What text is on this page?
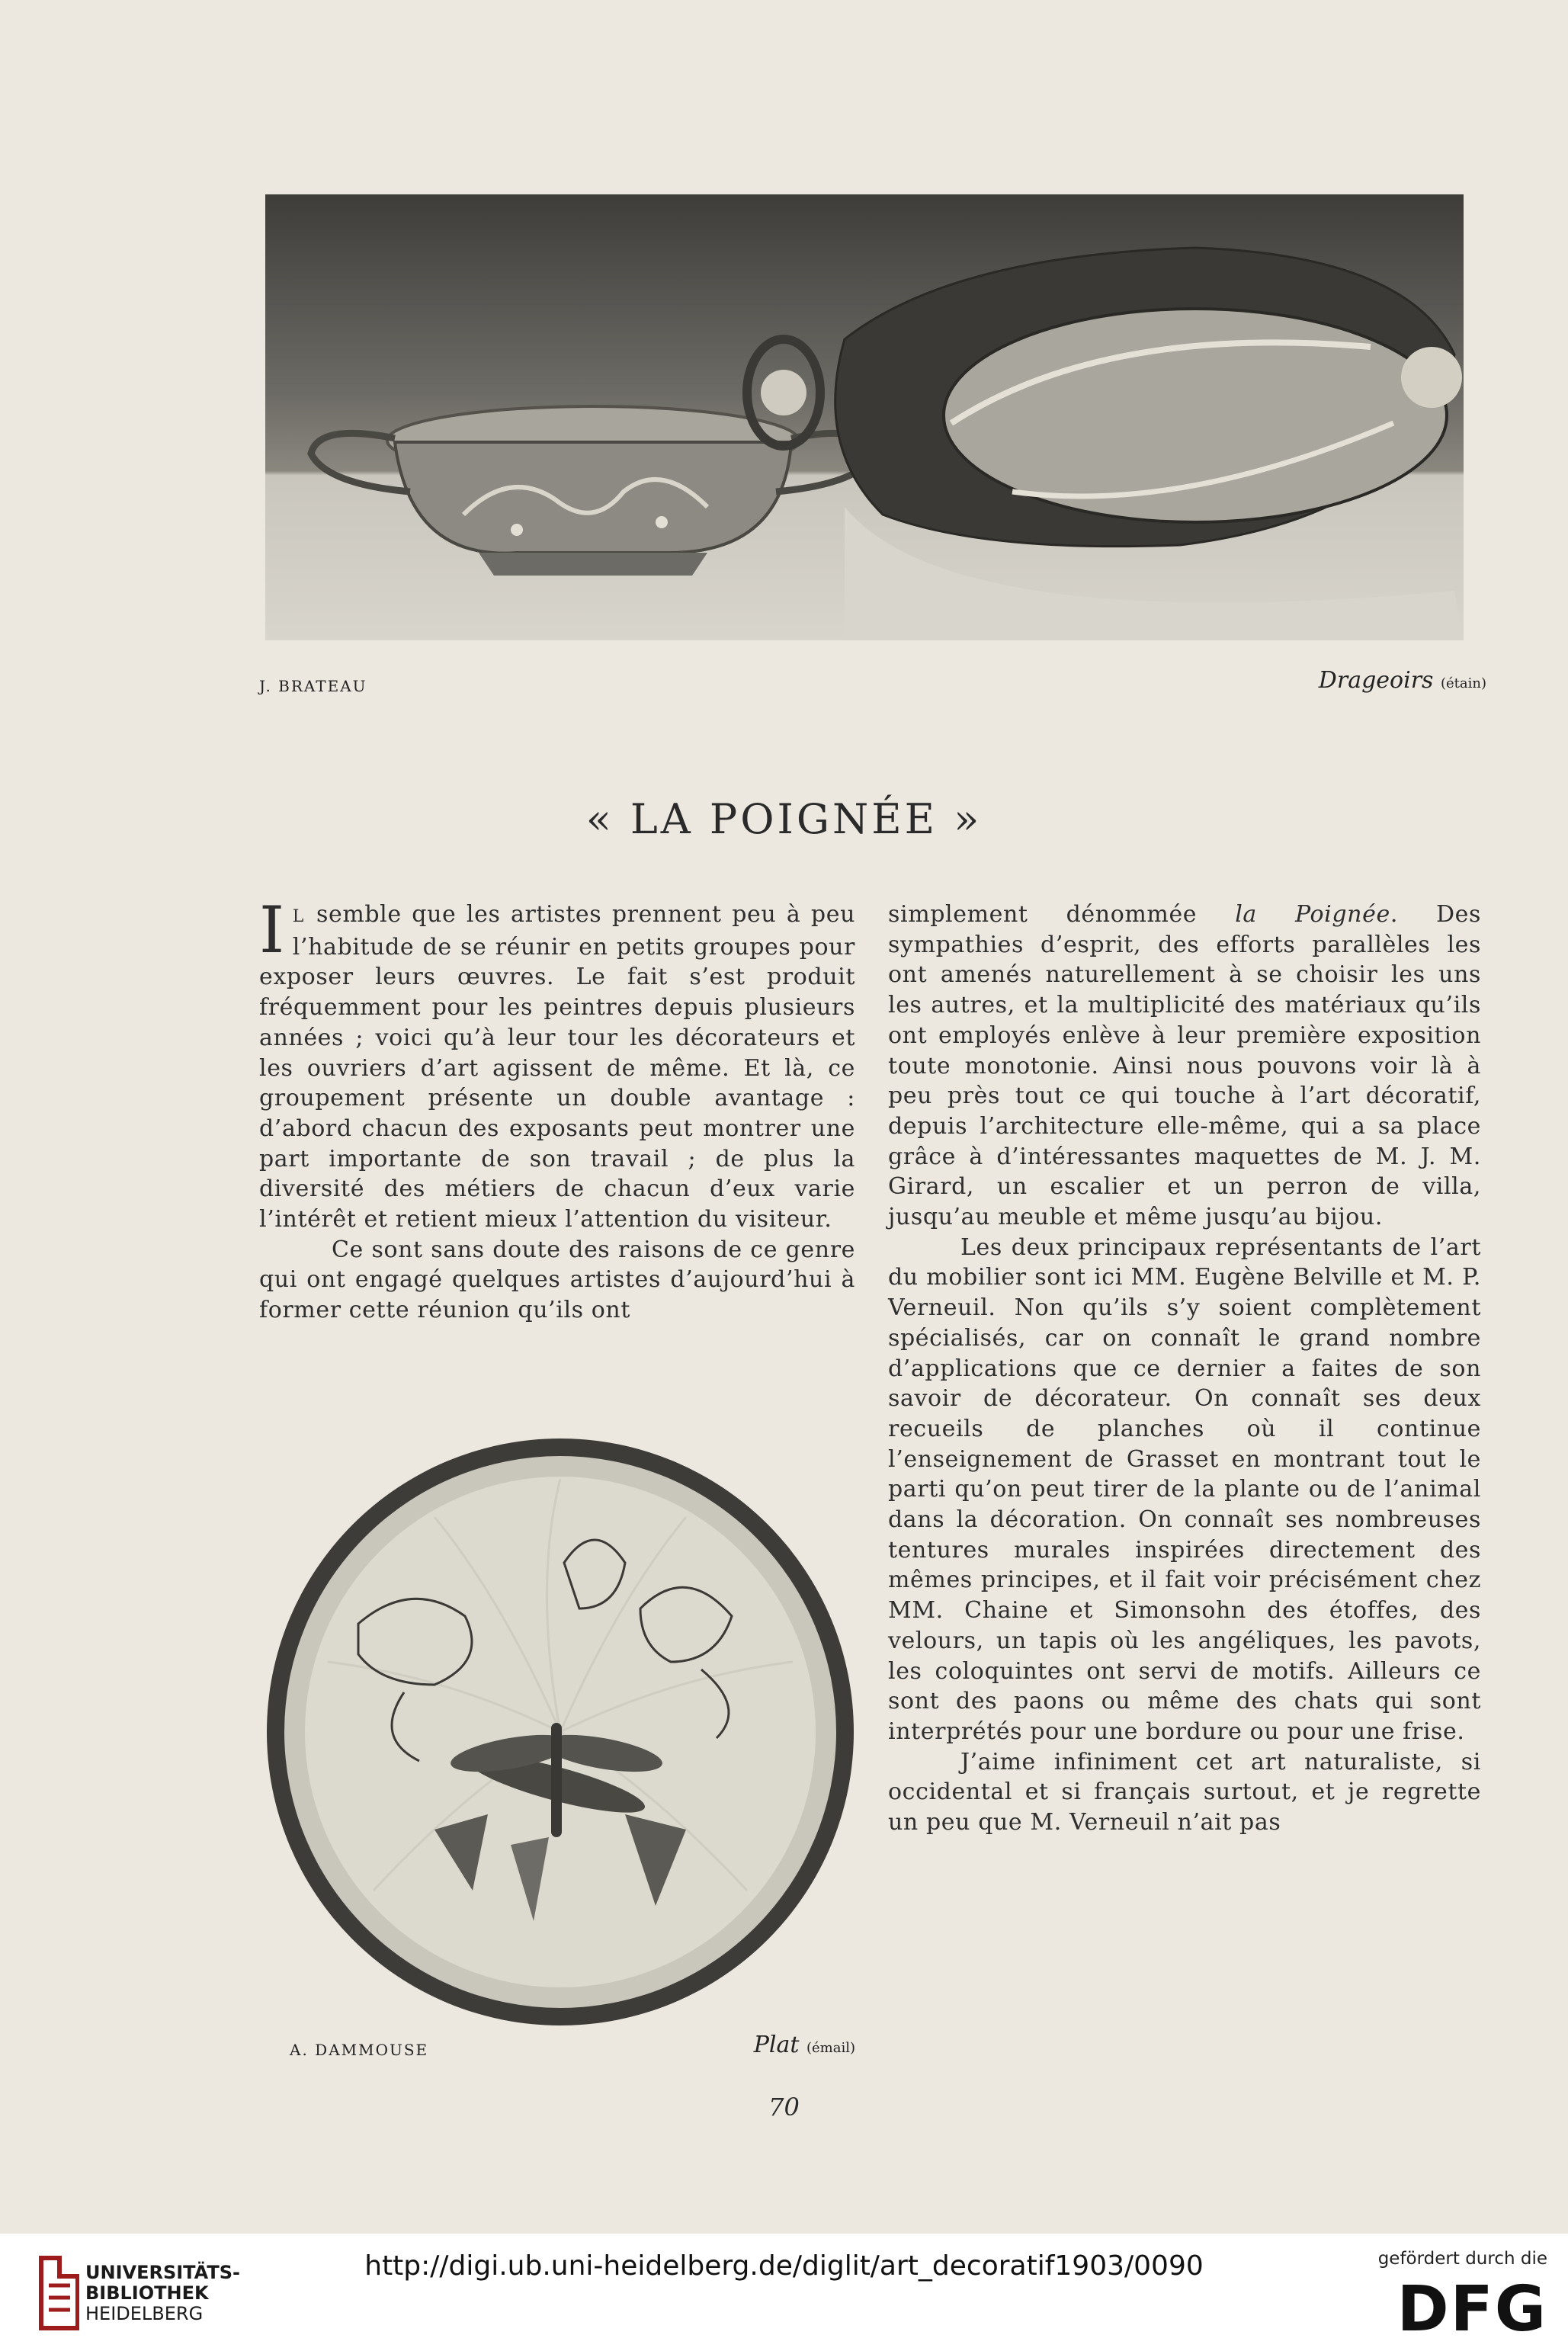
J. BRATEAU	Drageoirs (étain)
« LA POIGNÉE »

I L semble que les artistes prennent peu à peu l’habitude de se réunir en petits groupes pour exposer leurs œuvres. Le fait s’est produit fréquemment pour les peintres depuis plusieurs années ; voici qu’à leur tour les décorateurs et les ouvriers d’art agissent de même. Et là, ce groupement présente un double avantage : d’abord chacun des exposants peut montrer une part importante de son travail ; de plus la diversité des métiers de chacun d’eux varie l’intérêt et retient mieux l’attention du visiteur.

Ce sont sans doute des raisons de ce genre qui ont engagé quelques artistes d’aujourd’hui à former cette réunion qu’ils ont

A. DAMMOUSE	Plat (émail)

simplement dénommée la Poignée. Des sympathies d’esprit, des efforts parallèles les ont amenés naturellement à se choisir les uns les autres, et la multiplicité des matériaux qu’ils ont employés enlève à leur première exposition toute monotonie. Ainsi nous pouvons voir là à peu près tout ce qui touche à l’art décoratif, depuis l’architecture elle-même, qui a sa place grâce à d’intéressantes maquettes de M. J. M. Girard, un escalier et un perron de villa, jusqu’au meuble et même jusqu’au bijou.

Les deux principaux représentants de l’art du mobilier sont ici MM. Eugène Belville et M. P. Verneuil. Non qu’ils s’y soient complètement spécialisés, car on connaît le grand nombre d’applications que ce dernier a faites de son savoir de décorateur. On connaît ses deux recueils de planches où il continue l’enseignement de Grasset en montrant tout le parti qu’on peut tirer de la plante ou de l’animal dans la décoration. On connaît ses nombreuses tentures murales inspirées directement des mêmes principes, et il fait voir précisément chez MM. Chaine et Simonsohn des étoffes, des velours, un tapis où les angéliques, les pavots, les coloquintes ont servi de motifs. Ailleurs ce sont des paons ou même des chats qui sont interprétés pour une bordure ou pour une frise.

J’aime infiniment cet art naturaliste, si occidental et si français surtout, et je regrette un peu que M. Verneuil n’ait pas

70
UNIVERSITÄTS-
BIBLIOTHEK
HEIDELBERG
http://digi.ub.uni-heidelberg.de/diglit/art_decoratif1903/0090	gefördert durch die
DFG
